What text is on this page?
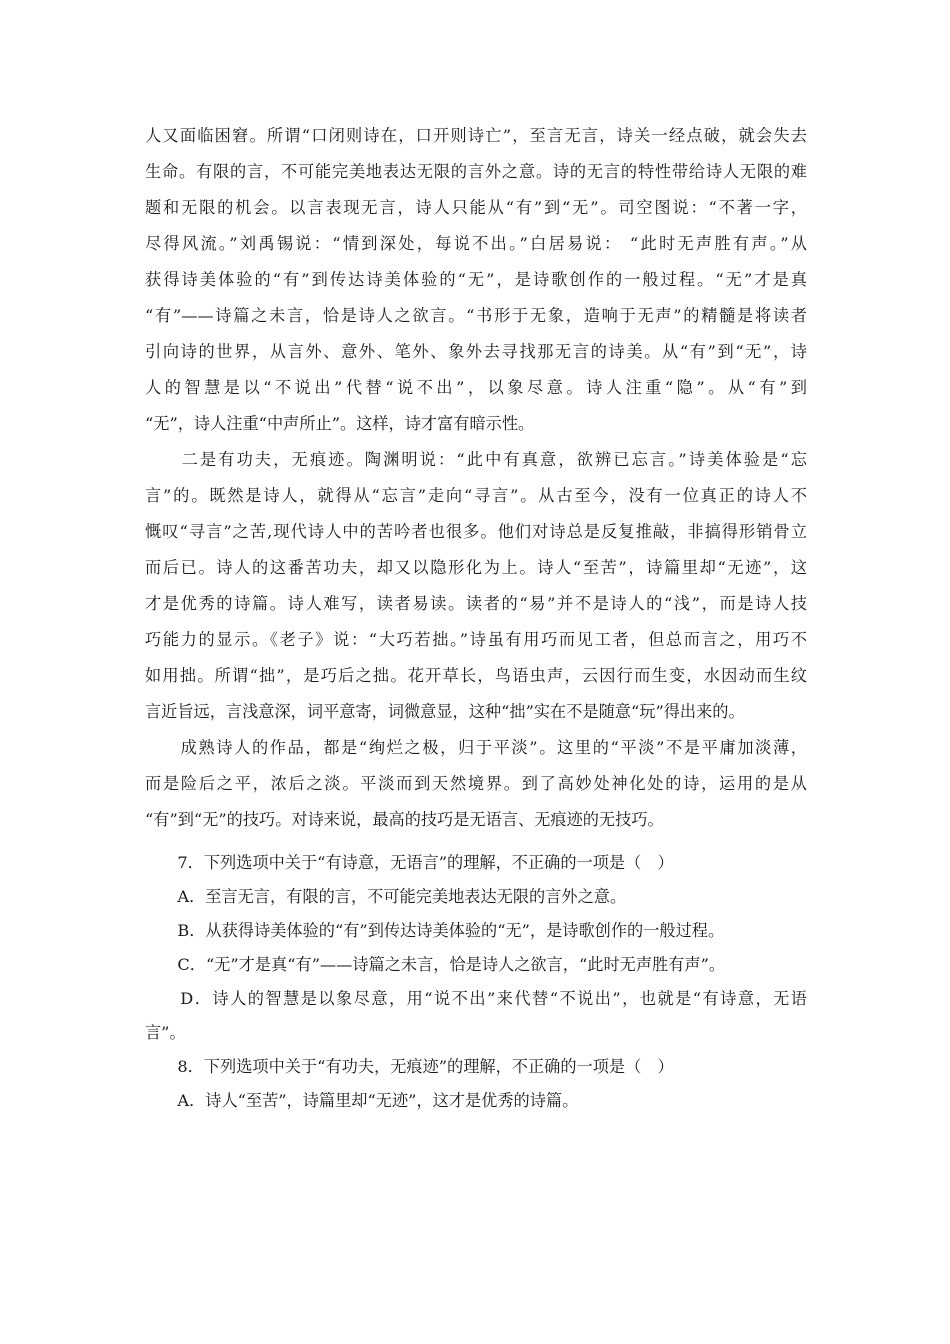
人又面临困窘。所谓“口闭则诗在，口开则诗亡”，至言无言，诗关一经点破，就会失去
生命。有限的言，不可能完美地表达无限的言外之意。诗的无言的特性带给诗人无限的难
题和无限的机会。以言表现无言，诗人只能从“有”到“无”。司空图说：“不著一字，
尽得风流。”刘禹锡说：“情到深处，每说不出。”白居易说： “此时无声胜有声。”从
获得诗美体验的“有”到传达诗美体验的“无”，是诗歌创作的一般过程。“无”才是真
“有”——诗篇之未言，恰是诗人之欲言。“书形于无象，造响于无声”的精髓是将读者
引向诗的世界，从言外、意外、笔外、象外去寻找那无言的诗美。从“有”到“无”，诗
人的智慧是以“不说出”代替“说不出”，以象尽意。诗人注重“隐”。从“有”到
“无”，诗人注重“中声所止”。这样，诗才富有暗示性。
　　二是有功夫，无痕迹。陶渊明说：“此中有真意，欲辨已忘言。”诗美体验是“忘
言”的。既然是诗人，就得从“忘言”走向“寻言”。从古至今，没有一位真正的诗人不
慨叹“寻言”之苦,现代诗人中的苦吟者也很多。他们对诗总是反复推敲，非搞得形销骨立
而后已。诗人的这番苦功夫，却又以隐形化为上。诗人“至苦”，诗篇里却“无迹”，这
才是优秀的诗篇。诗人难写，读者易读。读者的“易”并不是诗人的“浅”，而是诗人技
巧能力的显示。《老子》说：“大巧若拙。”诗虽有用巧而见工者，但总而言之，用巧不
如用拙。所谓“拙”，是巧后之拙。花开草长，鸟语虫声，云因行而生变，水因动而生纹
言近旨远，言浅意深，词平意寄，词微意显，这种“拙”实在不是随意“玩”得出来的。
　　成熟诗人的作品，都是“绚烂之极，归于平淡”。这里的“平淡”不是平庸加淡薄，
而是险后之平，浓后之淡。平淡而到天然境界。到了高妙处神化处的诗，运用的是从
“有”到“无”的技巧。对诗来说，最高的技巧是无语言、无痕迹的无技巧。
　　7．下列选项中关于“有诗意，无语言”的理解，不正确的一项是（　）
　　A．至言无言，有限的言，不可能完美地表达无限的言外之意。
　　B．从获得诗美体验的“有”到传达诗美体验的“无”，是诗歌创作的一般过程。
　　C．“无”才是真“有”——诗篇之未言，恰是诗人之欲言，“此时无声胜有声”。
　　D．诗人的智慧是以象尽意，用“说不出”来代替“不说出”，也就是“有诗意，无语
言”。
　　8．下列选项中关于“有功夫，无痕迹”的理解，不正确的一项是（　）
　　A．诗人“至苦”，诗篇里却“无迹”，这才是优秀的诗篇。
